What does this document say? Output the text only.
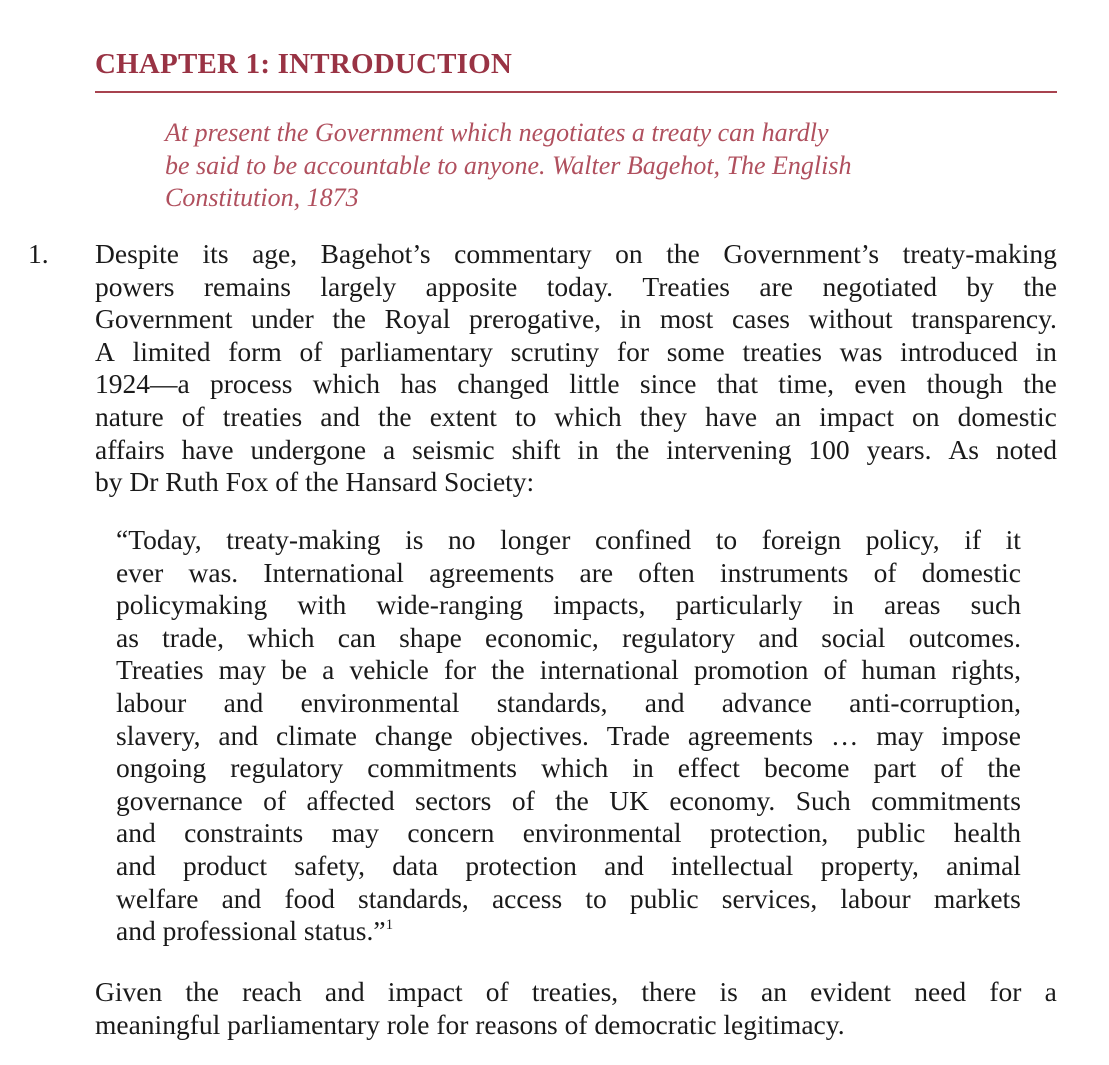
CHAPTER 1: INTRODUCTION
At present the Government which negotiates a treaty can hardly
be said to be accountable to anyone. Walter Bagehot, The English
Constitution, 1873
1.	Despite its age, Bagehot’s commentary on the Government’s treaty-making
powers remains largely apposite today. Treaties are negotiated by the
Government under the Royal prerogative, in most cases without transparency.
A limited form of parliamentary scrutiny for some treaties was introduced in
1924—a process which has changed little since that time, even though the
nature of treaties and the extent to which they have an impact on domestic
affairs have undergone a seismic shift in the intervening 100 years. As noted
by Dr Ruth Fox of the Hansard Society:
“Today, treaty-making is no longer confined to foreign policy, if it
ever was. International agreements are often instruments of domestic
policymaking with wide-ranging impacts, particularly in areas such
as trade, which can shape economic, regulatory and social outcomes.
Treaties may be a vehicle for the international promotion of human rights,
labour and environmental standards, and advance anti-corruption,
slavery, and climate change objectives. Trade agreements … may impose
ongoing regulatory commitments which in effect become part of the
governance of affected sectors of the UK economy. Such commitments
and constraints may concern environmental protection, public health
and product safety, data protection and intellectual property, animal
welfare and food standards, access to public services, labour markets
and professional status.”$^1$
Given the reach and impact of treaties, there is an evident need for a
meaningful parliamentary role for reasons of democratic legitimacy.
